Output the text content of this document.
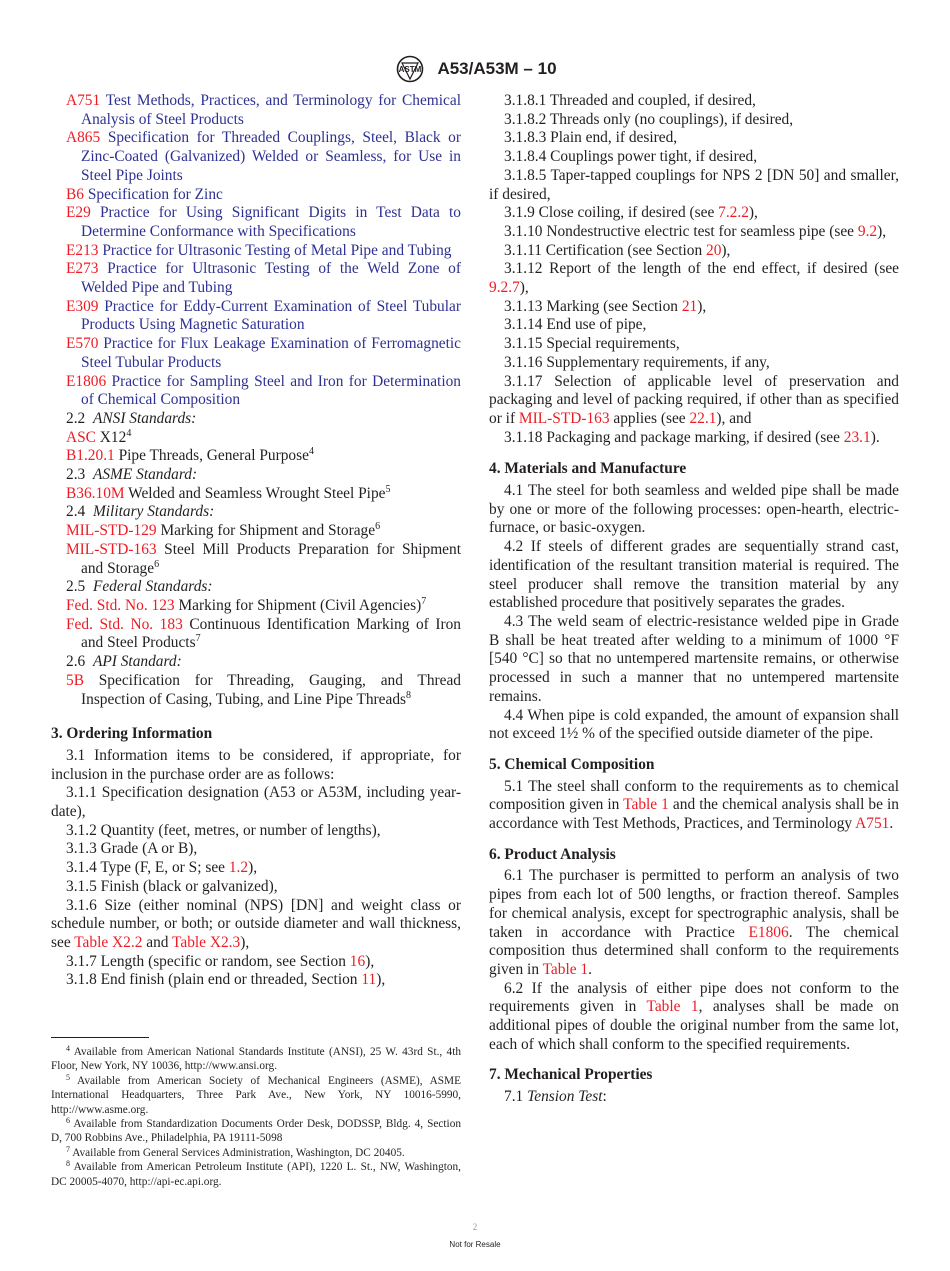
ASTM A53/A53M – 10
A751 Test Methods, Practices, and Terminology for Chemical Analysis of Steel Products
A865 Specification for Threaded Couplings, Steel, Black or Zinc-Coated (Galvanized) Welded or Seamless, for Use in Steel Pipe Joints
B6 Specification for Zinc
E29 Practice for Using Significant Digits in Test Data to Determine Conformance with Specifications
E213 Practice for Ultrasonic Testing of Metal Pipe and Tubing
E273 Practice for Ultrasonic Testing of the Weld Zone of Welded Pipe and Tubing
E309 Practice for Eddy-Current Examination of Steel Tubular Products Using Magnetic Saturation
E570 Practice for Flux Leakage Examination of Ferromagnetic Steel Tubular Products
E1806 Practice for Sampling Steel and Iron for Determination of Chemical Composition
2.2 ANSI Standards:
ASC $X12^4$
B1.20.1 Pipe Threads, General Purpose$^4$
2.3 ASME Standard:
B36.10M Welded and Seamless Wrought Steel Pipe$^5$
2.4 Military Standards:
MIL-STD-129 Marking for Shipment and Storage$^6$
MIL-STD-163 Steel Mill Products Preparation for Shipment and Storage$^6$
2.5 Federal Standards:
Fed. Std. No. 123 Marking for Shipment (Civil Agencies)$^7$
Fed. Std. No. 183 Continuous Identification Marking of Iron and Steel Products$^7$
2.6 API Standard:
5B Specification for Threading, Gauging, and Thread Inspection of Casing, Tubing, and Line Pipe Threads$^8$
3. Ordering Information
3.1 Information items to be considered, if appropriate, for inclusion in the purchase order are as follows:
3.1.1 Specification designation (A53 or A53M, including year-date),
3.1.2 Quantity (feet, metres, or number of lengths),
3.1.3 Grade (A or B),
3.1.4 Type (F, E, or S; see 1.2),
3.1.5 Finish (black or galvanized),
3.1.6 Size (either nominal (NPS) [DN] and weight class or schedule number, or both; or outside diameter and wall thickness, see Table X2.2 and Table X2.3),
3.1.7 Length (specific or random, see Section 16),
3.1.8 End finish (plain end or threaded, Section 11),
$^4$ Available from American National Standards Institute (ANSI), 25 W. 43rd St., 4th Floor, New York, NY 10036, http://www.ansi.org.
$^5$ Available from American Society of Mechanical Engineers (ASME), ASME International Headquarters, Three Park Ave., New York, NY 10016-5990, http://www.asme.org.
$^6$ Available from Standardization Documents Order Desk, DODSSP, Bldg. 4, Section D, 700 Robbins Ave., Philadelphia, PA 19111-5098
$^7$ Available from General Services Administration, Washington, DC 20405.
$^8$ Available from American Petroleum Institute (API), 1220 L. St., NW, Washington, DC 20005-4070, http://api-ec.api.org.
3.1.8.1 Threaded and coupled, if desired,
3.1.8.2 Threads only (no couplings), if desired,
3.1.8.3 Plain end, if desired,
3.1.8.4 Couplings power tight, if desired,
3.1.8.5 Taper-tapped couplings for NPS 2 [DN 50] and smaller, if desired,
3.1.9 Close coiling, if desired (see 7.2.2),
3.1.10 Nondestructive electric test for seamless pipe (see 9.2),
3.1.11 Certification (see Section 20),
3.1.12 Report of the length of the end effect, if desired (see 9.2.7),
3.1.13 Marking (see Section 21),
3.1.14 End use of pipe,
3.1.15 Special requirements,
3.1.16 Supplementary requirements, if any,
3.1.17 Selection of applicable level of preservation and packaging and level of packing required, if other than as specified or if MIL-STD-163 applies (see 22.1), and
3.1.18 Packaging and package marking, if desired (see 23.1).
4. Materials and Manufacture
4.1 The steel for both seamless and welded pipe shall be made by one or more of the following processes: open-hearth, electric-furnace, or basic-oxygen.
4.2 If steels of different grades are sequentially strand cast, identification of the resultant transition material is required. The steel producer shall remove the transition material by any established procedure that positively separates the grades.
4.3 The weld seam of electric-resistance welded pipe in Grade B shall be heat treated after welding to a minimum of 1000 °F [540 °C] so that no untempered martensite remains, or otherwise processed in such a manner that no untempered martensite remains.
4.4 When pipe is cold expanded, the amount of expansion shall not exceed 1½ % of the specified outside diameter of the pipe.
5. Chemical Composition
5.1 The steel shall conform to the requirements as to chemical composition given in Table 1 and the chemical analysis shall be in accordance with Test Methods, Practices, and Terminology A751.
6. Product Analysis
6.1 The purchaser is permitted to perform an analysis of two pipes from each lot of 500 lengths, or fraction thereof. Samples for chemical analysis, except for spectrographic analysis, shall be taken in accordance with Practice E1806. The chemical composition thus determined shall conform to the requirements given in Table 1.
6.2 If the analysis of either pipe does not conform to the requirements given in Table 1, analyses shall be made on additional pipes of double the original number from the same lot, each of which shall conform to the specified requirements.
7. Mechanical Properties
7.1 Tension Test:
2
Not for Resale
